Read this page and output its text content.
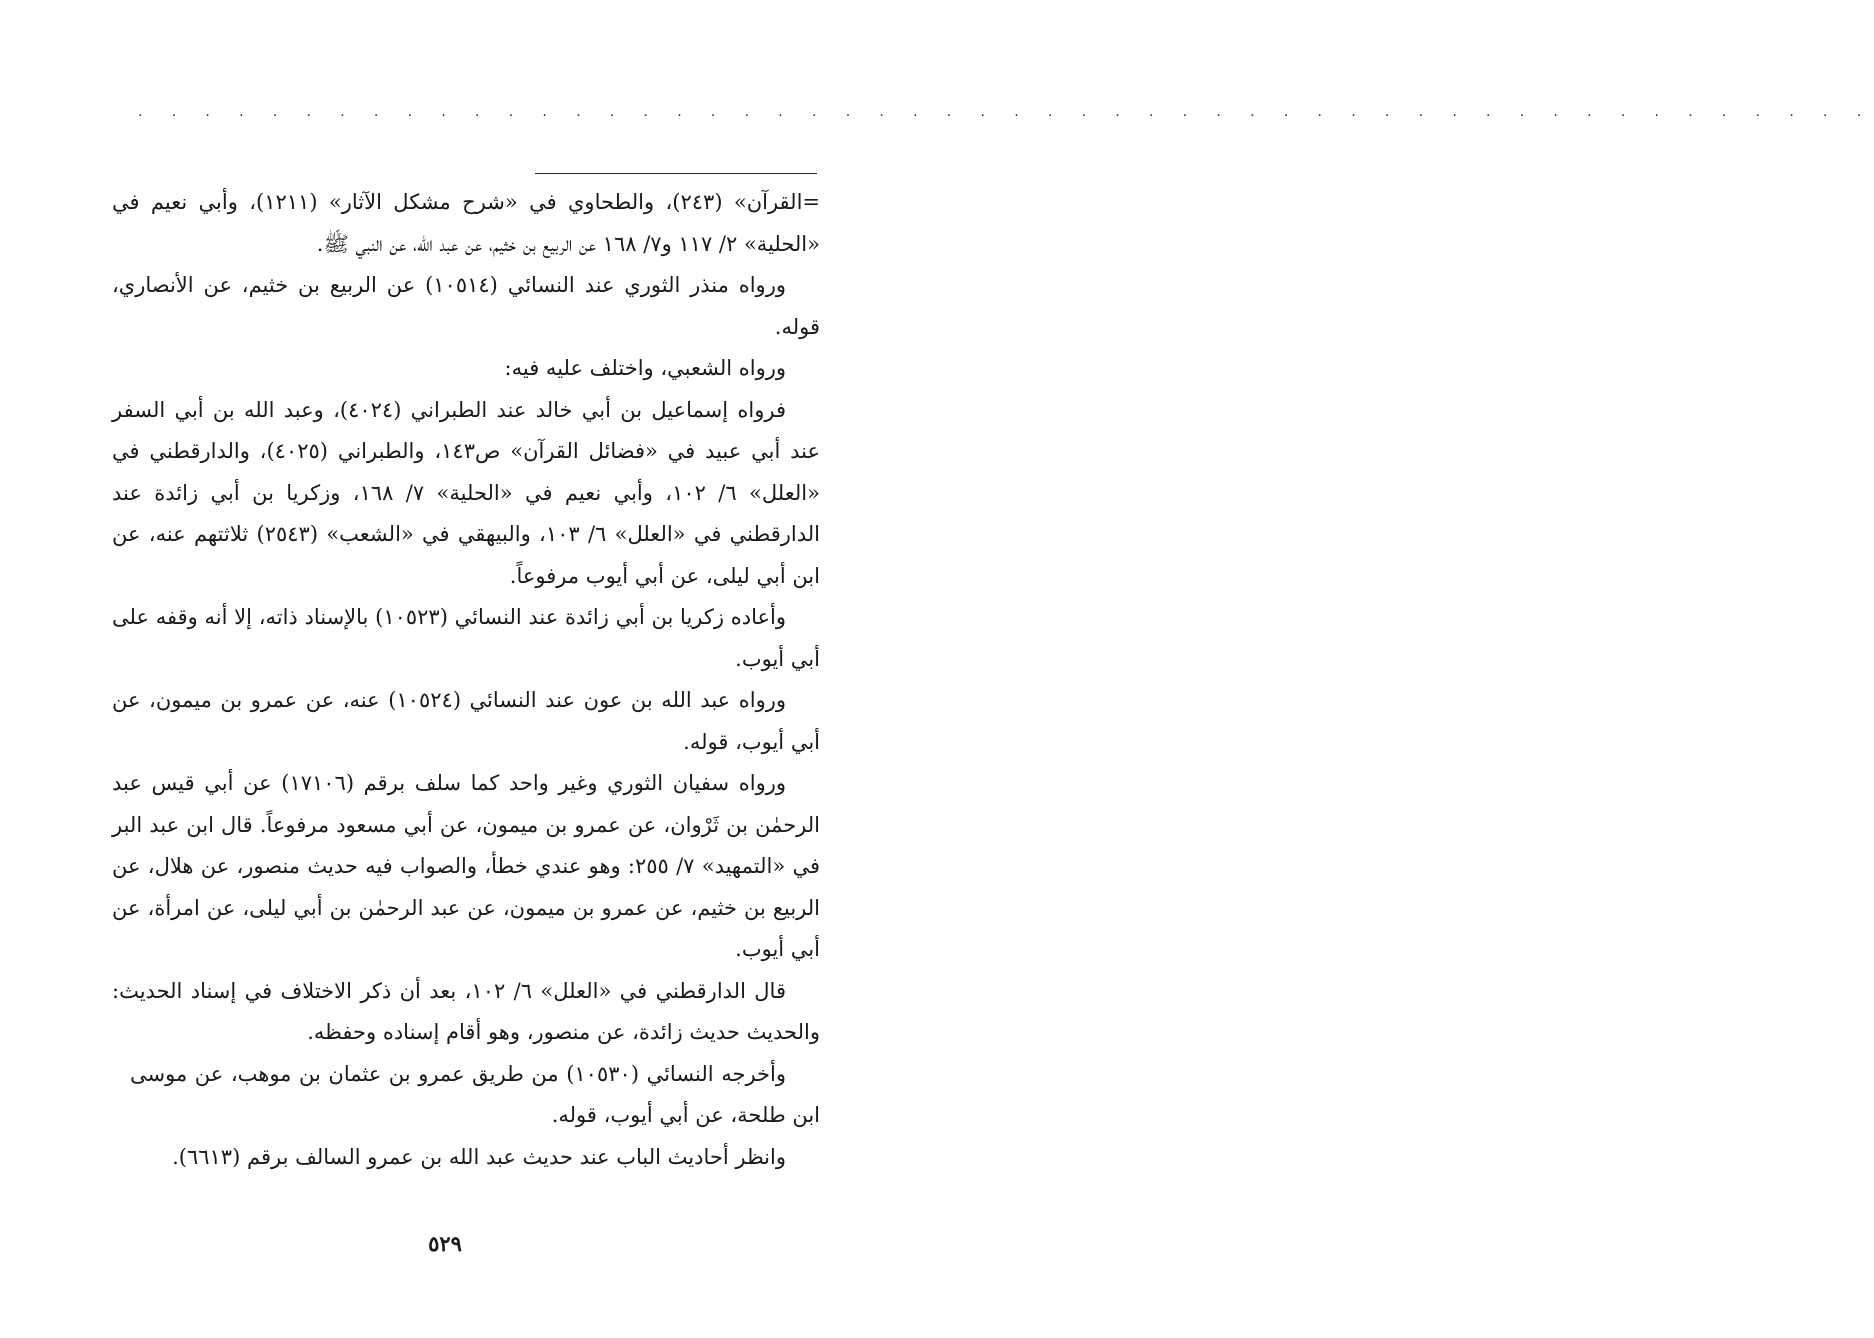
. . . . . . . . . . . . . . . . . . . . . . . . . . . . . . . . . . . . . . . . . . . . . . . . . . . .

=القرآن» (٢٤٣)، والطحاوي في «شرح مشكل الآثار» (١٢١١)، وأبي نعيم في «الحلية» ٢/ ١١٧ و٧/ ١٦٨ عن الربيع بن خثيم، عن عبد الله، عن النبي ﷺ.

ورواه منذر الثوري عند النسائي (١٠٥١٤) عن الربيع بن خثيم، عن الأنصاري، قوله.

ورواه الشعبي، واختلف عليه فيه:

فرواه إسماعيل بن أبي خالد عند الطبراني (٤٠٢٤)، وعبد الله بن أبي السفر عند أبي عبيد في «فضائل القرآن» ص١٤٣، والطبراني (٤٠٢٥)، والدارقطني في «العلل» ٦/ ١٠٢، وأبي نعيم في «الحلية» ٧/ ١٦٨، وزكريا بن أبي زائدة عند الدارقطني في «العلل» ٦/ ١٠٣، والبيهقي في «الشعب» (٢٥٤٣) ثلاثتهم عنه، عن ابن أبي ليلى، عن أبي أيوب مرفوعاً.

وأعاده زكريا بن أبي زائدة عند النسائي (١٠٥٢٣) بالإسناد ذاته، إلا أنه وقفه على أبي أيوب.

ورواه عبد الله بن عون عند النسائي (١٠٥٢٤) عنه، عن عمرو بن ميمون، عن أبي أيوب، قوله.

ورواه سفيان الثوري وغير واحد كما سلف برقم (١٧١٠٦) عن أبي قيس عبد الرحمٰن بن ثَرْوان، عن عمرو بن ميمون، عن أبي مسعود مرفوعاً. قال ابن عبد البر في «التمهيد» ٧/ ٢٥٥: وهو عندي خطأ، والصواب فيه حديث منصور، عن هلال، عن الربيع بن خثيم، عن عمرو بن ميمون، عن عبد الرحمٰن بن أبي ليلى، عن امرأة، عن أبي أيوب.

قال الدارقطني في «العلل» ٦/ ١٠٢، بعد أن ذكر الاختلاف في إسناد الحديث: والحديث حديث زائدة، عن منصور، وهو أقام إسناده وحفظه.

وأخرجه النسائي (١٠٥٣٠) من طريق عمرو بن عثمان بن موهب، عن موسى ابن طلحة، عن أبي أيوب، قوله.

وانظر أحاديث الباب عند حديث عبد الله بن عمرو السالف برقم (٦٦١٣).

٥٢٩
